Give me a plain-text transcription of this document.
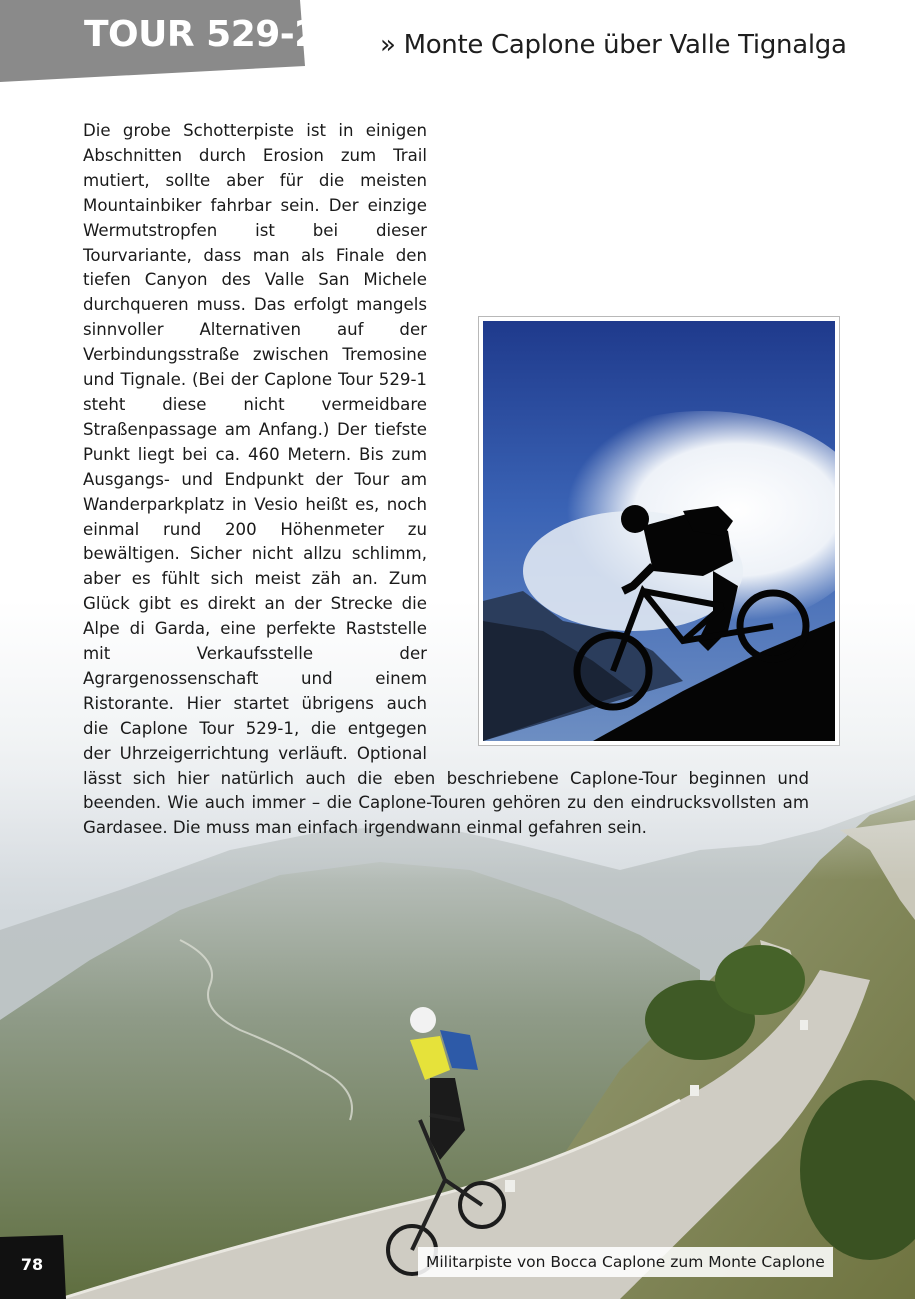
TOUR 529-2 » Monte Caplone über Valle Tignalga

Die grobe Schotterpiste ist in einigen Abschnitten durch Erosion zum Trail mutiert, sollte aber für die meisten Mountainbiker fahrbar sein. Der einzige Wermutstropfen ist bei dieser Tourvariante, dass man als Finale den tiefen Canyon des Valle San Michele durchqueren muss. Das erfolgt mangels sinnvoller Alternativen auf der Verbindungsstraße zwischen Tremosine und Tignale. (Bei der Caplone Tour 529-1 steht diese nicht vermeidbare Straßenpassage am Anfang.) Der tiefste Punkt liegt bei ca. 460 Metern. Bis zum Ausgangs- und Endpunkt der Tour am Wanderparkplatz in Vesio heißt es, noch einmal rund 200 Höhenmeter zu bewältigen. Sicher nicht allzu schlimm, aber es fühlt sich meist zäh an. Zum Glück gibt es direkt an der Strecke die Alpe di Garda, eine perfekte Raststelle mit Verkaufsstelle der Agrargenossenschaft und einem Ristorante. Hier startet übrigens auch die Caplone Tour 529-1, die entgegen der Uhrzeigerrichtung verläuft. Optional lässt sich hier natürlich auch die eben beschriebene Caplone-Tour beginnen und beenden. Wie auch immer – die Caplone-Touren gehören zu den eindrucksvollsten am Gardasee. Die muss man einfach irgendwann einmal gefahren sein.

Militarpiste von Bocca Caplone zum Monte Caplone
78
